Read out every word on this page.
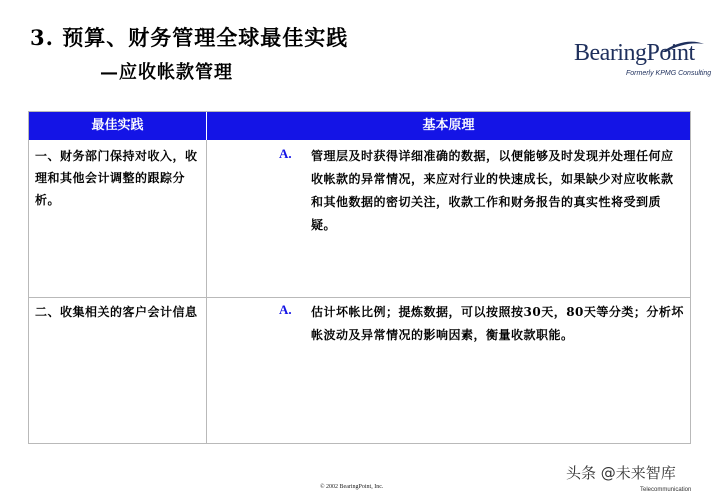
3. 预算、财务管理全球最佳实践
—应收帐款管理
BearingPoint
Formerly KPMG Consulting
最佳实践	基本原理
一、财务部门保持对收入，收理和其他会计调整的跟踪分析。
A. 管理层及时获得详细准确的数据，以便能够及时发现并处理任何应收帐款的异常情况，来应对行业的快速成长，如果缺少对应收帐款和其他数据的密切关注，收款工作和财务报告的真实性将受到质疑。
二、收集相关的客户会计信息	A. 估计坏帐比例；提炼数据，可以按照按30天，80天等分类；分析坏帐波动及异常情况的影响因素，衡量收款职能。
© 2002 BearingPoint, Inc.
头条 @未来智库
Telecommunication
